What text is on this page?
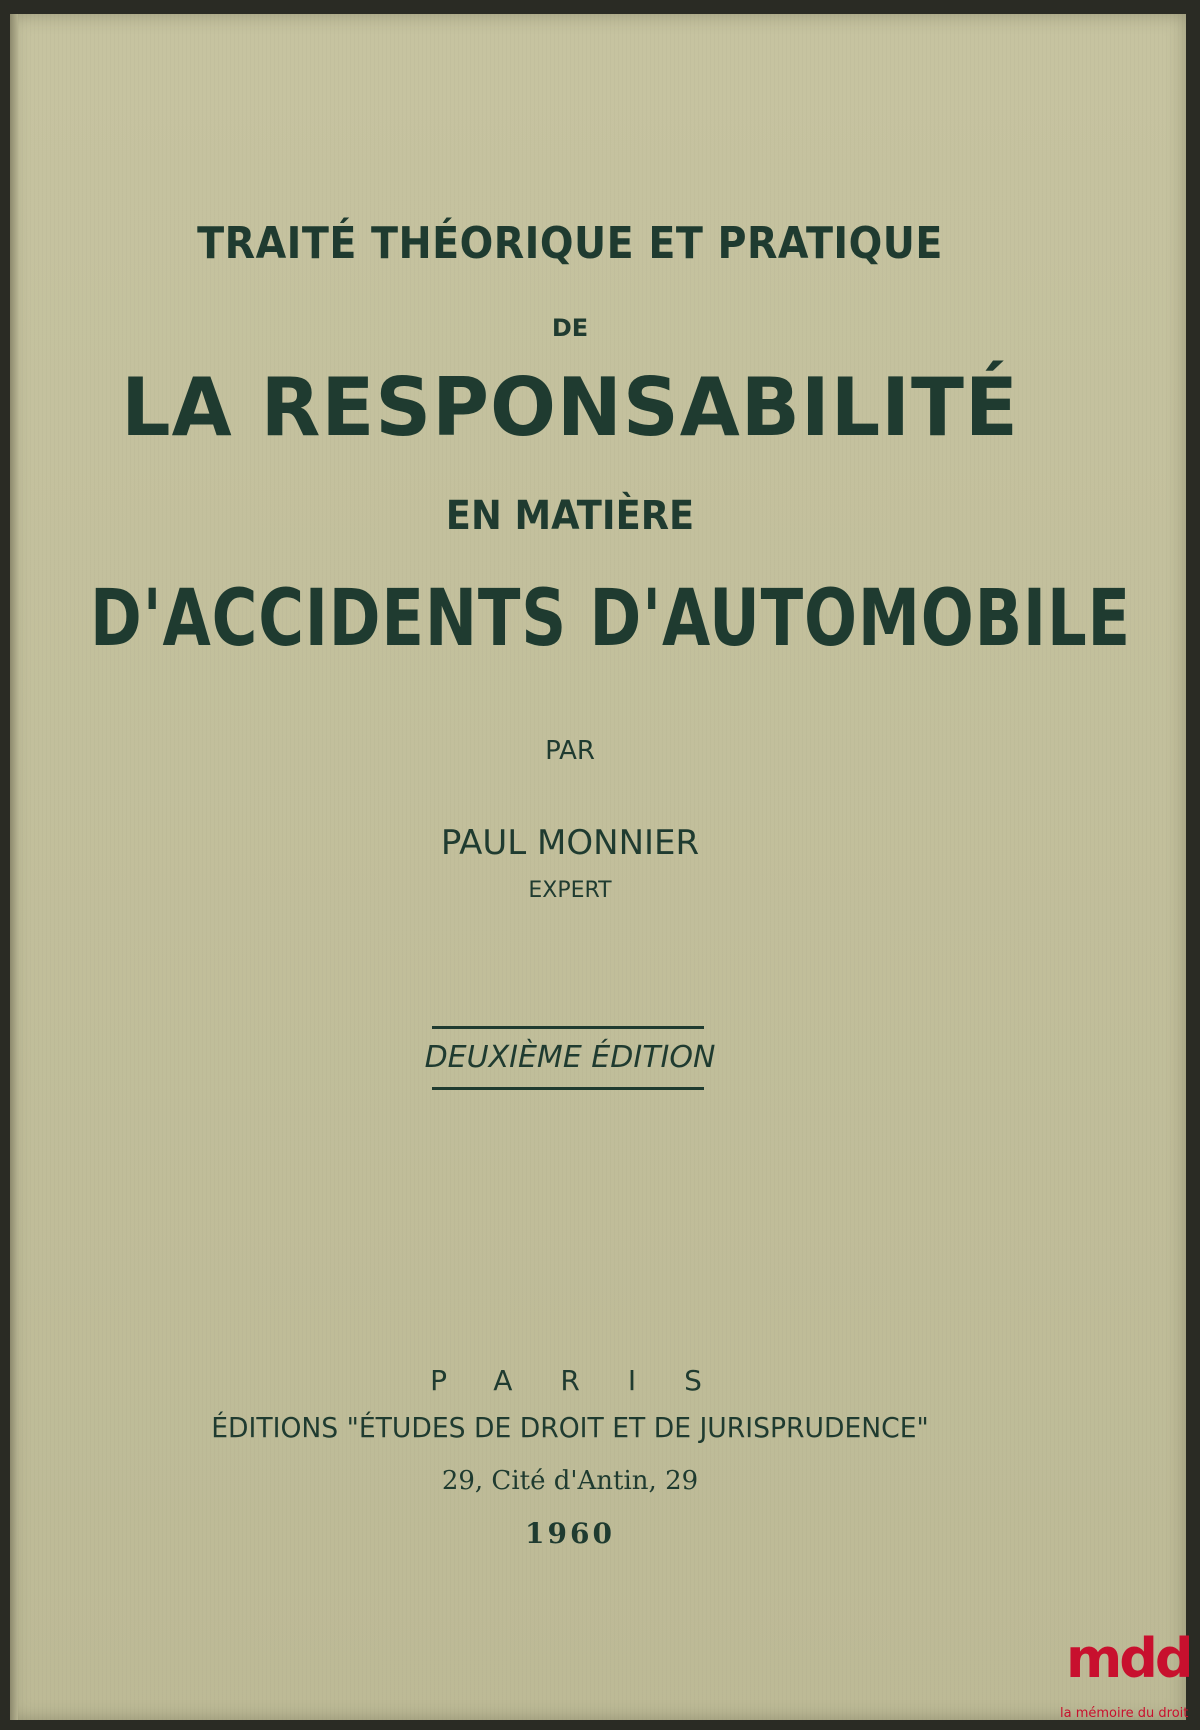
TRAITÉ THÉORIQUE ET PRATIQUE
DE
LA RESPONSABILITÉ
EN MATIÈRE
D'ACCIDENTS D'AUTOMOBILE
PAR
PAUL MONNIER
EXPERT
DEUXIÈME ÉDITION
PARIS
ÉDITIONS "ÉTUDES DE DROIT ET DE JURISPRUDENCE"
29, Cité d'Antin, 29
1960
mdd
la mémoire du droit
